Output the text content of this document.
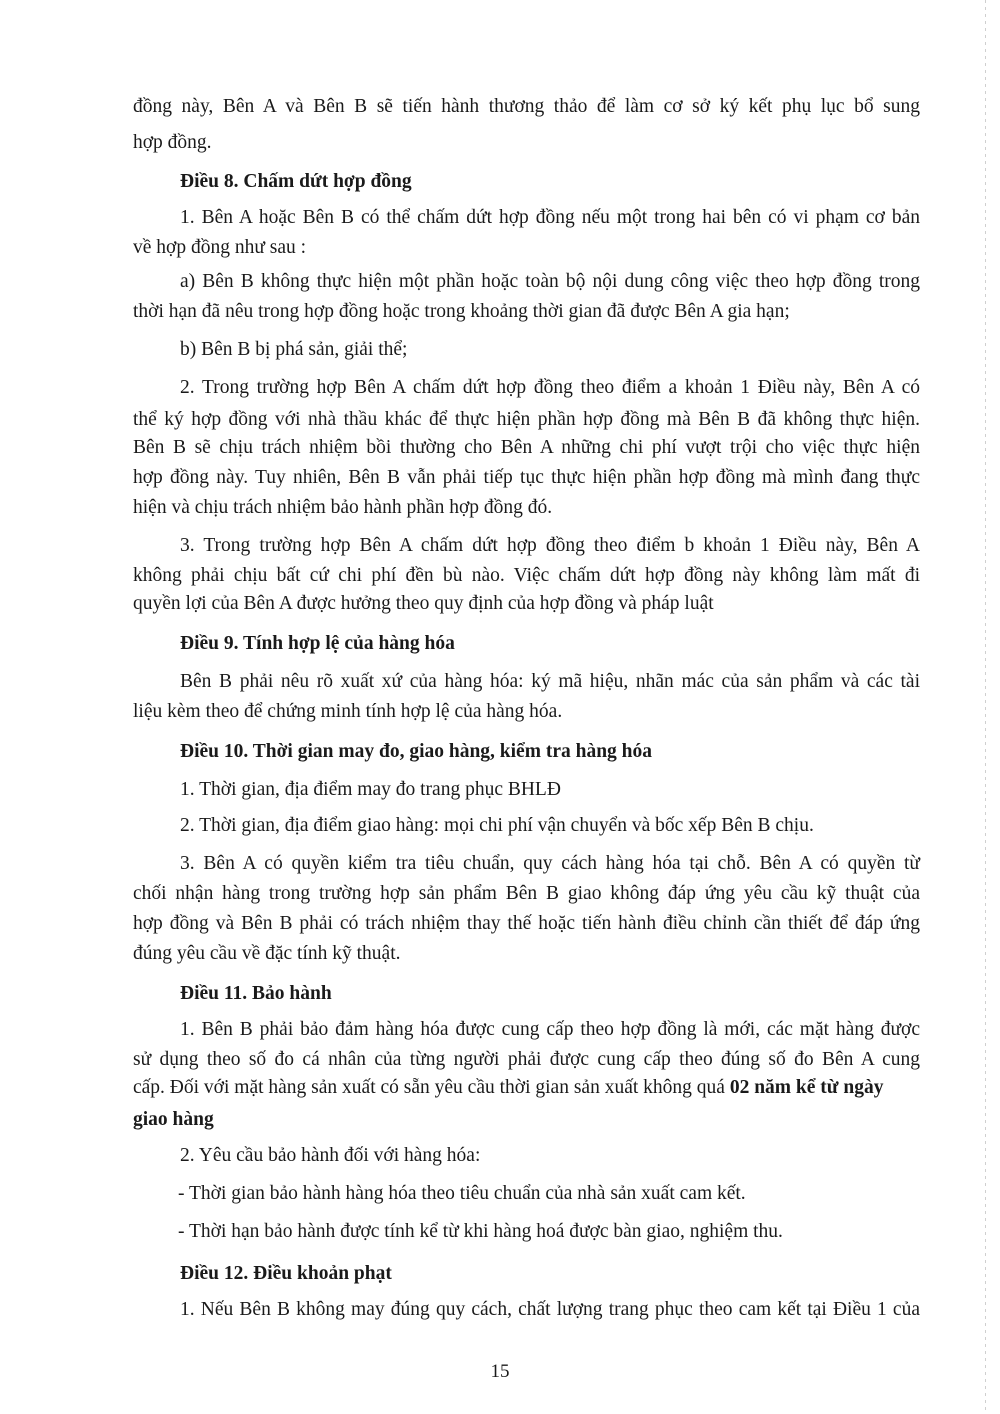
đồng này, Bên A và Bên B sẽ tiến hành thương thảo để làm cơ sở ký kết phụ lục bổ sung
hợp đồng.
Điều 8. Chấm dứt hợp đồng
1. Bên A hoặc Bên B có thể chấm dứt hợp đồng nếu một trong hai bên có vi phạm cơ bản
về hợp đồng như sau :
a) Bên B không thực hiện một phần hoặc toàn bộ nội dung công việc theo hợp đồng trong
thời hạn đã nêu trong hợp đồng hoặc trong khoảng thời gian đã được Bên A gia hạn;
b) Bên B bị phá sản, giải thể;
2. Trong trường hợp Bên A chấm dứt hợp đồng theo điểm a khoản 1 Điều này, Bên A có
thể ký hợp đồng với nhà thầu khác để thực hiện phần hợp đồng mà Bên B đã không thực hiện.
Bên B sẽ chịu trách nhiệm bồi thường cho Bên A những chi phí vượt trội cho việc thực hiện
hợp đồng này. Tuy nhiên, Bên B vẫn phải tiếp tục thực hiện phần hợp đồng mà mình đang thực
hiện và chịu trách nhiệm bảo hành phần hợp đồng đó.
3. Trong trường hợp Bên A chấm dứt hợp đồng theo điểm b khoản 1 Điều này, Bên A
không phải chịu bất cứ chi phí đền bù nào. Việc chấm dứt hợp đồng này không làm mất đi
quyền lợi của Bên A được hưởng theo quy định của hợp đồng và pháp luật
Điều 9. Tính hợp lệ của hàng hóa
Bên B phải nêu rõ xuất xứ của hàng hóa: ký mã hiệu, nhãn mác của sản phẩm và các tài
liệu kèm theo để chứng minh tính hợp lệ của hàng hóa.
Điều 10. Thời gian may đo, giao hàng, kiểm tra hàng hóa
1. Thời gian, địa điểm may đo trang phục BHLĐ
2. Thời gian, địa điểm giao hàng: mọi chi phí vận chuyển và bốc xếp Bên B chịu.
3. Bên A có quyền kiểm tra tiêu chuẩn, quy cách hàng hóa tại chỗ. Bên A có quyền từ
chối nhận hàng trong trường hợp sản phẩm Bên B giao không đáp ứng yêu cầu kỹ thuật của
hợp đồng và Bên B phải có trách nhiệm thay thế hoặc tiến hành điều chỉnh cần thiết để đáp ứng
đúng yêu cầu về đặc tính kỹ thuật.
Điều 11. Bảo hành
1. Bên B phải bảo đảm hàng hóa được cung cấp theo hợp đồng là mới, các mặt hàng được
sử dụng theo số đo cá nhân của từng người phải được cung cấp theo đúng số đo Bên A cung
cấp. Đối với mặt hàng sản xuất có sẵn yêu cầu thời gian sản xuất không quá 02 năm kể từ ngày
giao hàng
2. Yêu cầu bảo hành đối với hàng hóa:
- Thời gian bảo hành hàng hóa theo tiêu chuẩn của nhà sản xuất cam kết.
- Thời hạn bảo hành được tính kể từ khi hàng hoá được bàn giao, nghiệm thu.
Điều 12. Điều khoản phạt
1. Nếu Bên B không may đúng quy cách, chất lượng trang phục theo cam kết tại Điều 1 của
15
